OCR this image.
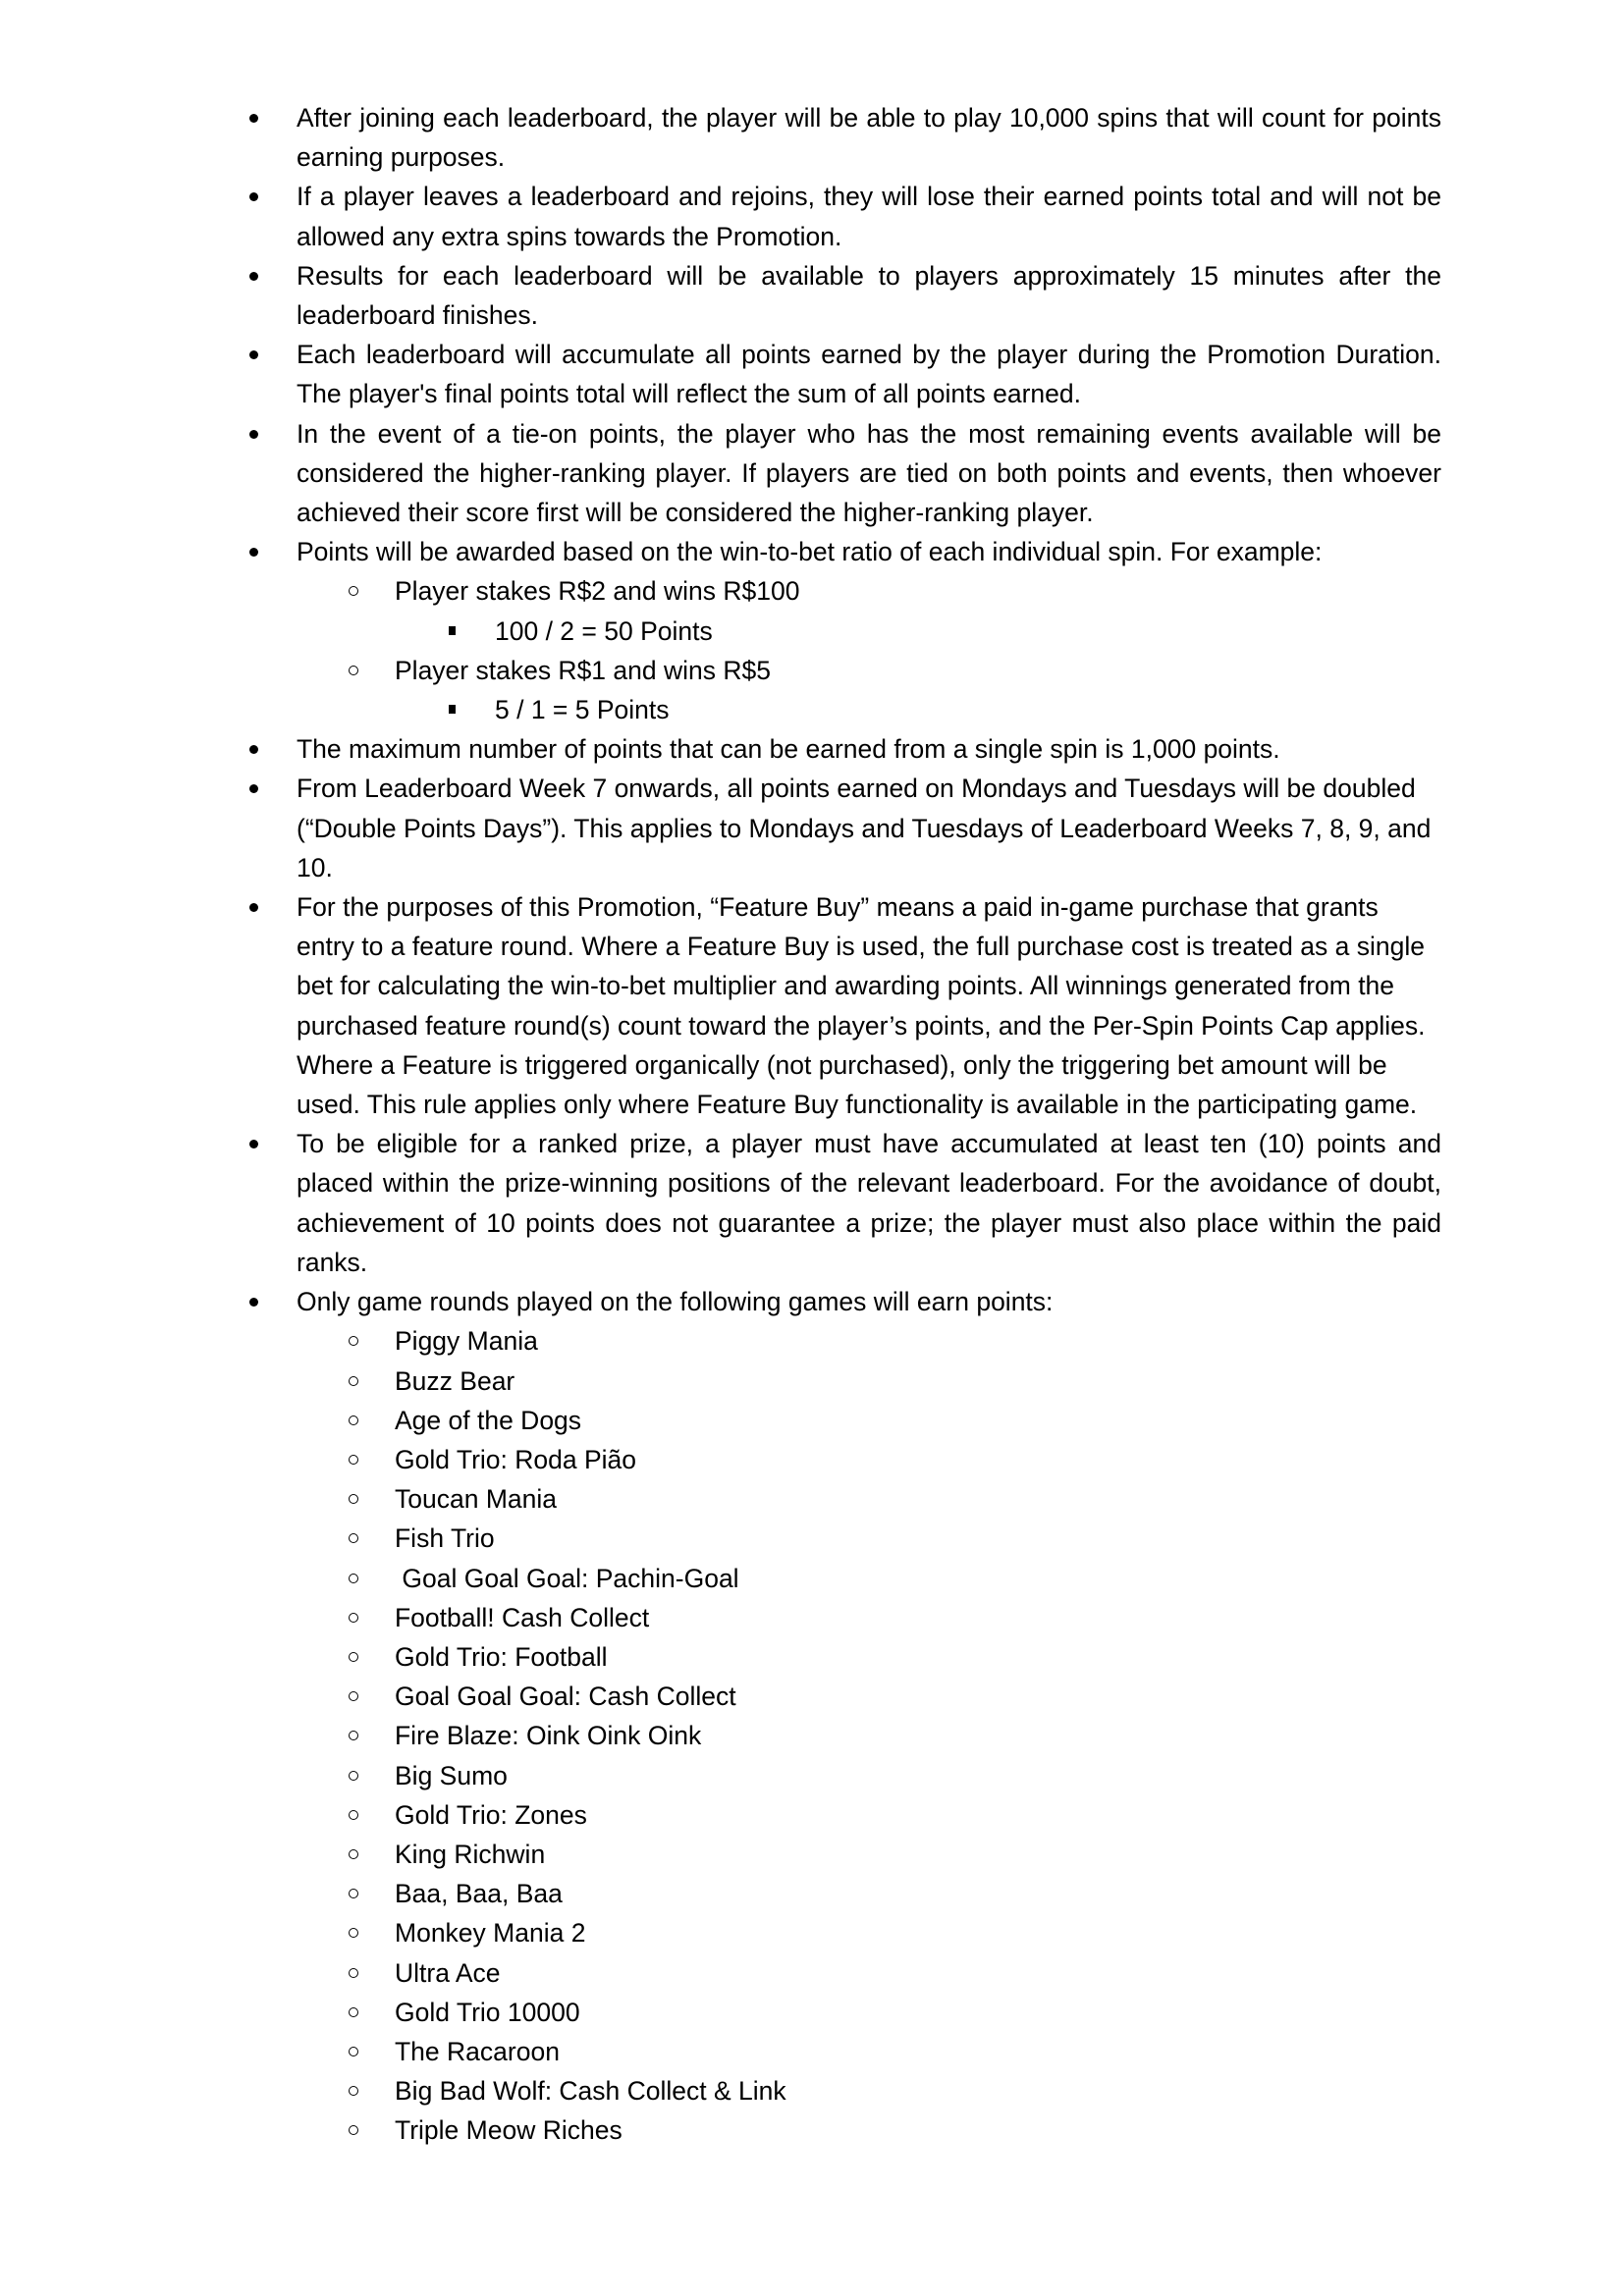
After joining each leaderboard, the player will be able to play 10,000 spins that will count for points earning purposes.
If a player leaves a leaderboard and rejoins, they will lose their earned points total and will not be allowed any extra spins towards the Promotion.
Results for each leaderboard will be available to players approximately 15 minutes after the leaderboard finishes.
Each leaderboard will accumulate all points earned by the player during the Promotion Duration. The player's final points total will reflect the sum of all points earned.
In the event of a tie-on points, the player who has the most remaining events available will be considered the higher-ranking player. If players are tied on both points and events, then whoever achieved their score first will be considered the higher-ranking player.
Points will be awarded based on the win-to-bet ratio of each individual spin. For example:
Player stakes R$2 and wins R$100
100 / 2 = 50 Points
Player stakes R$1 and wins R$5
5 / 1 = 5 Points
The maximum number of points that can be earned from a single spin is 1,000 points.
From Leaderboard Week 7 onwards, all points earned on Mondays and Tuesdays will be doubled (“Double Points Days”). This applies to Mondays and Tuesdays of Leaderboard Weeks 7, 8, 9, and 10.
For the purposes of this Promotion, “Feature Buy” means a paid in-game purchase that grants entry to a feature round. Where a Feature Buy is used, the full purchase cost is treated as a single bet for calculating the win-to-bet multiplier and awarding points. All winnings generated from the purchased feature round(s) count toward the player’s points, and the Per-Spin Points Cap applies. Where a Feature is triggered organically (not purchased), only the triggering bet amount will be used. This rule applies only where Feature Buy functionality is available in the participating game.
To be eligible for a ranked prize, a player must have accumulated at least ten (10) points and placed within the prize-winning positions of the relevant leaderboard. For the avoidance of doubt, achievement of 10 points does not guarantee a prize; the player must also place within the paid ranks.
Only game rounds played on the following games will earn points:
Piggy Mania
Buzz Bear
Age of the Dogs
Gold Trio: Roda Pião
Toucan Mania
Fish Trio
Goal Goal Goal: Pachin-Goal
Football! Cash Collect
Gold Trio: Football
Goal Goal Goal: Cash Collect
Fire Blaze: Oink Oink Oink
Big Sumo
Gold Trio: Zones
King Richwin
Baa, Baa, Baa
Monkey Mania 2
Ultra Ace
Gold Trio 10000
The Racaroon
Big Bad Wolf: Cash Collect & Link
Triple Meow Riches
